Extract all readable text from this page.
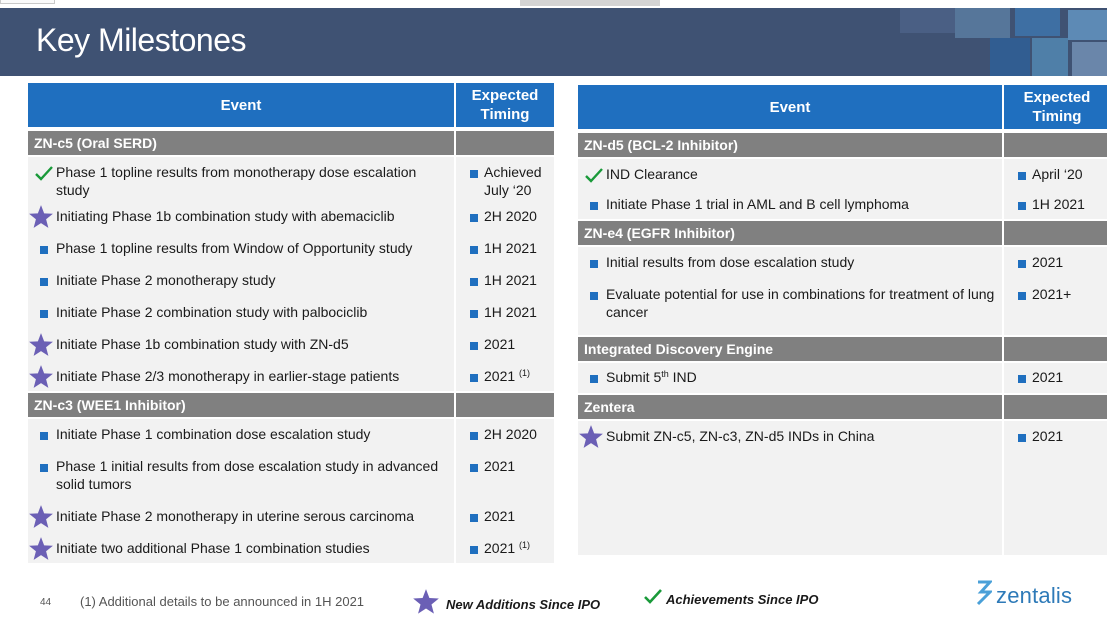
Key Milestones
Event	Expected Timing
ZN-c5 (Oral SERD)	

Phase 1 topline results from monotherapy dose escalation study	Achieved July ‘20

Initiating Phase 1b combination study with abemaciclib	2H 2020

Phase 1 topline results from Window of Opportunity study	1H 2021

Initiate Phase 2 monotherapy study	1H 2021

Initiate Phase 2 combination study with palbociclib	1H 2021

Initiate Phase 1b combination study with ZN-d5	2021

Initiate Phase 2/3 monotherapy in earlier-stage patients	2021 $^{(1)}$

ZN-c3 (WEE1 Inhibitor)	

Initiate Phase 1 combination dose escalation study	2H 2020

Phase 1 initial results from dose escalation study in advanced solid tumors	2021

Initiate Phase 2 monotherapy in uterine serous carcinoma	2021

Initiate two additional Phase 1 combination studies	2021 $^{(1)}$
Event	Expected Timing
ZN-d5 (BCL-2 Inhibitor)	

IND Clearance	April ‘20

Initiate Phase 1 trial in AML and B cell lymphoma	1H 2021

ZN-e4 (EGFR Inhibitor)	

Initial results from dose escalation study	2021

Evaluate potential for use in combinations for treatment of lung cancer	2021+

Integrated Discovery Engine	

Submit 5th IND	2021

Zentera	

Submit ZN-c5, ZN-c3, ZN-d5 INDs in China	2021
44 (1) Additional details to be announced in 1H 2021	New Additions Since IPO	Achievements Since IPO	zentalis
